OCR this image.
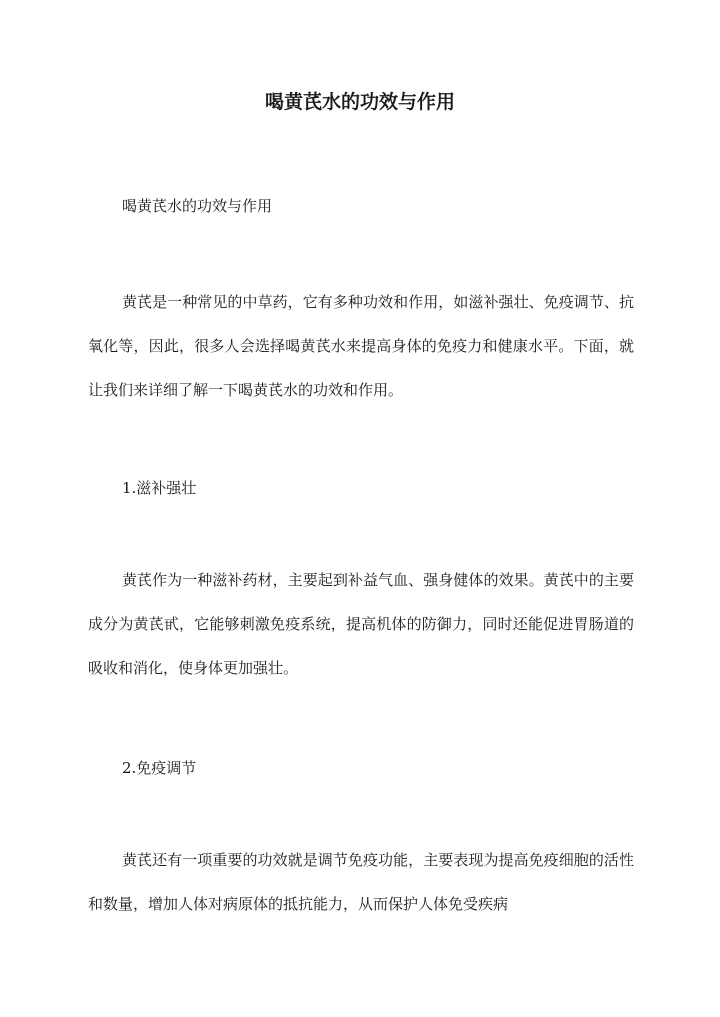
喝黄芪水的功效与作用

喝黄芪水的功效与作用

黄芪是一种常见的中草药，它有多种功效和作用，如滋补强壮、免疫调节、抗氧化等，因此，很多人会选择喝黄芪水来提高身体的免疫力和健康水平。下面，就让我们来详细了解一下喝黄芪水的功效和作用。

1.滋补强壮

黄芪作为一种滋补药材，主要起到补益气血、强身健体的效果。黄芪中的主要成分为黄芪甙，它能够刺激免疫系统，提高机体的防御力，同时还能促进胃肠道的吸收和消化，使身体更加强壮。

2.免疫调节

黄芪还有一项重要的功效就是调节免疫功能，主要表现为提高免疫细胞的活性和数量，增加人体对病原体的抵抗能力，从而保护人体免受疾病
